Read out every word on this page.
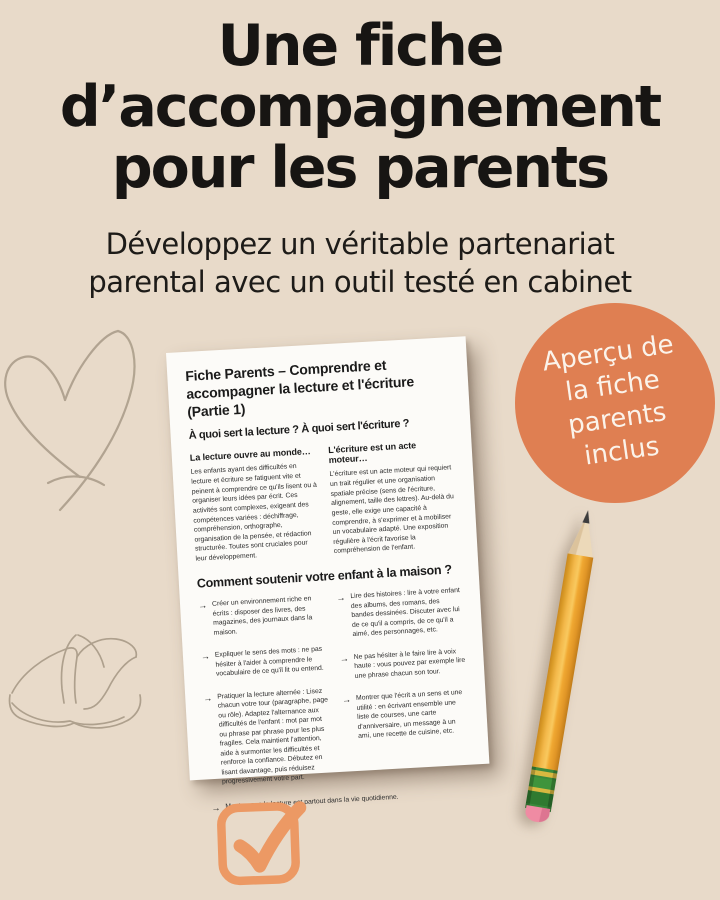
Une fiche
d’accompagnement
pour les parents

Développez un véritable partenariat
parental avec un outil testé en cabinet

Aperçu de
la fiche
parents
inclus
Fiche Parents – Comprendre et accompagner la lecture et l'écriture (Partie 1)
À quoi sert la lecture ? À quoi sert l'écriture ?
La lecture ouvre au monde…

Les enfants ayant des difficultés en lecture et écriture se fatiguent vite et peinent à comprendre ce qu'ils lisent ou à organiser leurs idées par écrit. Ces activités sont complexes, exigeant des compétences variées : déchiffrage, compréhension, orthographe, organisation de la pensée, et rédaction structurée. Toutes sont cruciales pour leur développement.

L'écriture est un acte moteur…

L'écriture est un acte moteur qui requiert un trait régulier et une organisation spatiale précise (sens de l'écriture, alignement, taille des lettres). Au-delà du geste, elle exige une capacité à comprendre, à s'exprimer et à mobiliser un vocabulaire adapté. Une exposition régulière à l'écrit favorise la compréhension de l'enfant.

Comment soutenir votre enfant à la maison ?
→ Créer un environnement riche en écrits : disposer des livres, des magazines, des journaux dans la maison.

→ Expliquer le sens des mots : ne pas hésiter à l'aider à comprendre le vocabulaire de ce qu'il lit ou entend.

→ Pratiquer la lecture alternée : Lisez chacun votre tour (paragraphe, page ou rôle). Adaptez l'alternance aux difficultés de l'enfant : mot par mot ou phrase par phrase pour les plus fragiles. Cela maintient l'attention, aide à surmonter les difficultés et renforce la confiance. Débutez en lisant davantage, puis réduisez progressivement votre part.

→ Lire des histoires : lire à votre enfant des albums, des romans, des bandes dessinées. Discuter avec lui de ce qu'il a compris, de ce qu'il a aimé, des personnages, etc.

→ Ne pas hésiter à le faire lire à voix haute : vous pouvez par exemple lire une phrase chacun son tour.

→ Montrer que l'écrit a un sens et une utilité : en écrivant ensemble une liste de courses, une carte d'anniversaire, un message à un ami, une recette de cuisine, etc.

→ Montrer que la lecture est partout dans la vie quotidienne.
